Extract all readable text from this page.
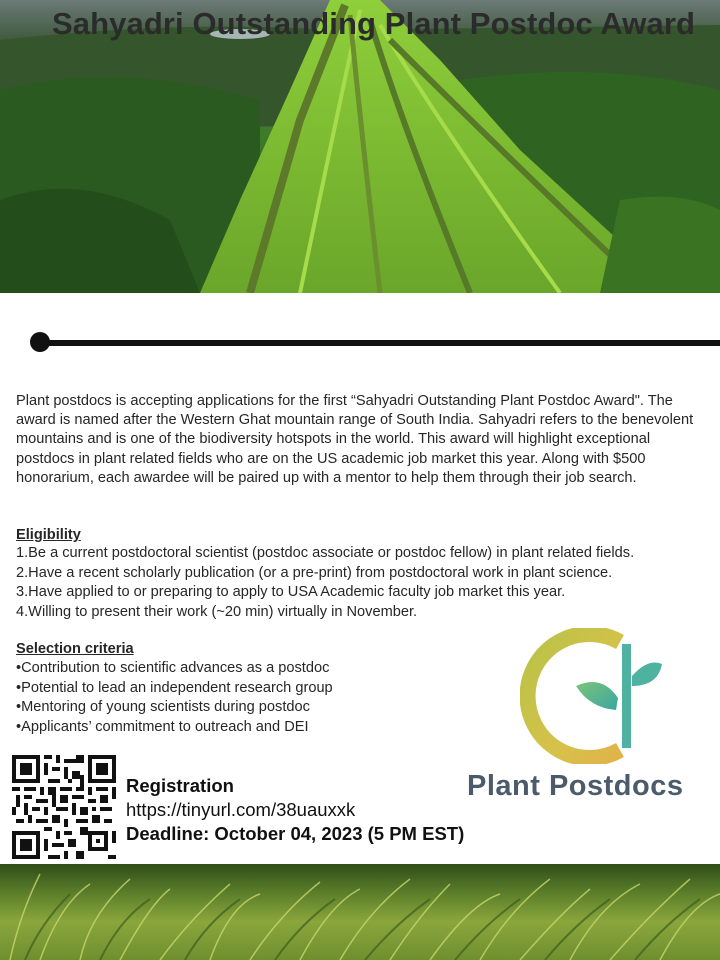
Sahyadri Outstanding Plant Postdoc Award

Plant postdocs is accepting applications for the first “Sahyadri Outstanding Plant Postdoc Award". The award is named after the Western Ghat mountain range of South India. Sahyadri refers to the benevolent mountains and is one of the biodiversity hotspots in the world. This award will highlight exceptional postdocs in plant related fields who are on the US academic job market this year. Along with $500 honorarium, each awardee will be paired up with a mentor to help them through their job search.

Eligibility
1.Be a current postdoctoral scientist (postdoc associate or postdoc fellow) in plant related fields.
2.Have a recent scholarly publication (or a pre-print) from postdoctoral work in plant science.
3.Have applied to or preparing to apply to USA Academic faculty job market this year.
4.Willing to present their work (~20 min) virtually in November.
Selection criteria
•Contribution to scientific advances as a postdoc
•Potential to lead an independent research group
•Mentoring of young scientists during postdoc
•Applicants’ commitment to outreach and DEI
Registration
https://tinyurl.com/38uauxxk
Deadline: October 04, 2023 (5 PM EST)
Plant Postdocs
